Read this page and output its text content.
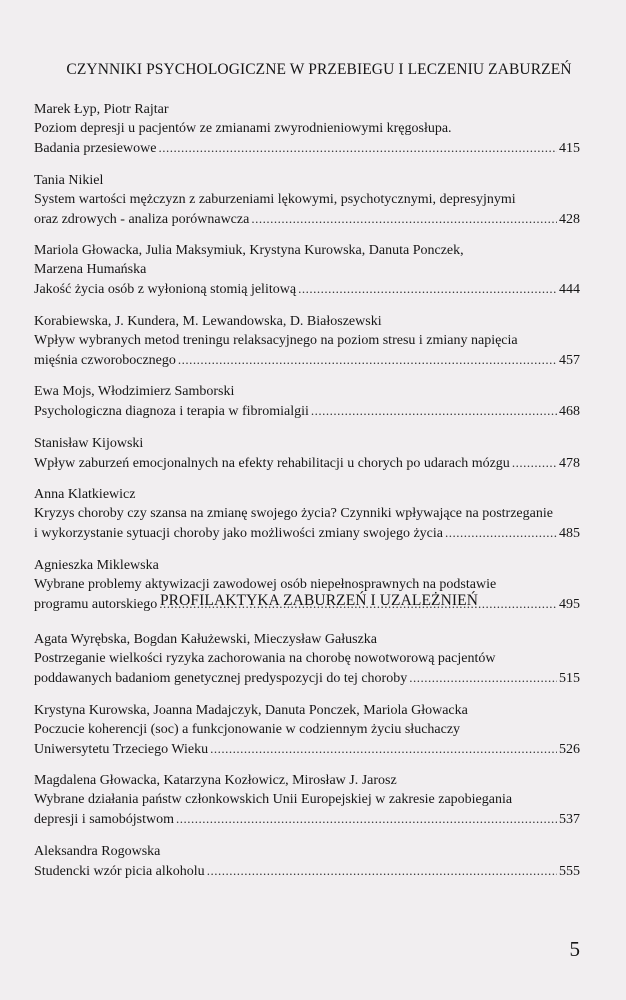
CZYNNIKI PSYCHOLOGICZNE W PRZEBIEGU I LECZENIU ZABURZEŃ
Marek Łyp, Piotr Rajtar
Poziom depresji u pacjentów ze zmianami zwyrodnieniowymi kręgosłupa.
Badania przesiewowe .....	415
Tania Nikiel
System wartości mężczyzn z zaburzeniami lękowymi, psychotycznymi, depresyjnymi
oraz zdrowych - analiza porównawcza .....	428
Mariola Głowacka, Julia Maksymiuk, Krystyna Kurowska, Danuta Ponczek,
Marzena Humańska
Jakość życia osób z wyłonioną stomią jelitową .....	444
Korabiewska, J. Kundera, M. Lewandowska, D. Białoszewski
Wpływ wybranych metod treningu relaksacyjnego na poziom stresu i zmiany napięcia
mięśnia czworobocznego .....	457
Ewa Mojs, Włodzimierz Samborski
Psychologiczna diagnoza i terapia w fibromialgii .....	468
Stanisław Kijowski
Wpływ zaburzeń emocjonalnych na efekty rehabilitacji u chorych po udarach mózgu .....	478
Anna Klatkiewicz
Kryzys choroby czy szansa na zmianę swojego życia? Czynniki wpływające na postrzeganie
i wykorzystanie sytuacji choroby jako możliwości zmiany swojego życia .....	485
Agnieszka Miklewska
Wybrane problemy aktywizacji zawodowej osób niepełnosprawnych na podstawie
programu autorskiego .....	495
PROFILAKTYKA ZABURZEŃ I UZALEŻNIEŃ
Agata Wyrębska, Bogdan Kałużewski, Mieczysław Gałuszka
Postrzeganie wielkości ryzyka zachorowania na chorobę nowotworową pacjentów
poddawanych badaniom genetycznej predyspozycji do tej choroby .....	515
Krystyna Kurowska, Joanna Madajczyk, Danuta Ponczek, Mariola Głowacka
Poczucie koherencji (soc) a funkcjonowanie w codziennym życiu słuchaczy
Uniwersytetu Trzeciego Wieku .....	526
Magdalena Głowacka, Katarzyna Kozłowicz, Mirosław J. Jarosz
Wybrane działania państw członkowskich Unii Europejskiej w zakresie zapobiegania
depresji i samobójstwom .....	537
Aleksandra Rogowska
Studencki wzór picia alkoholu .....	555
5
